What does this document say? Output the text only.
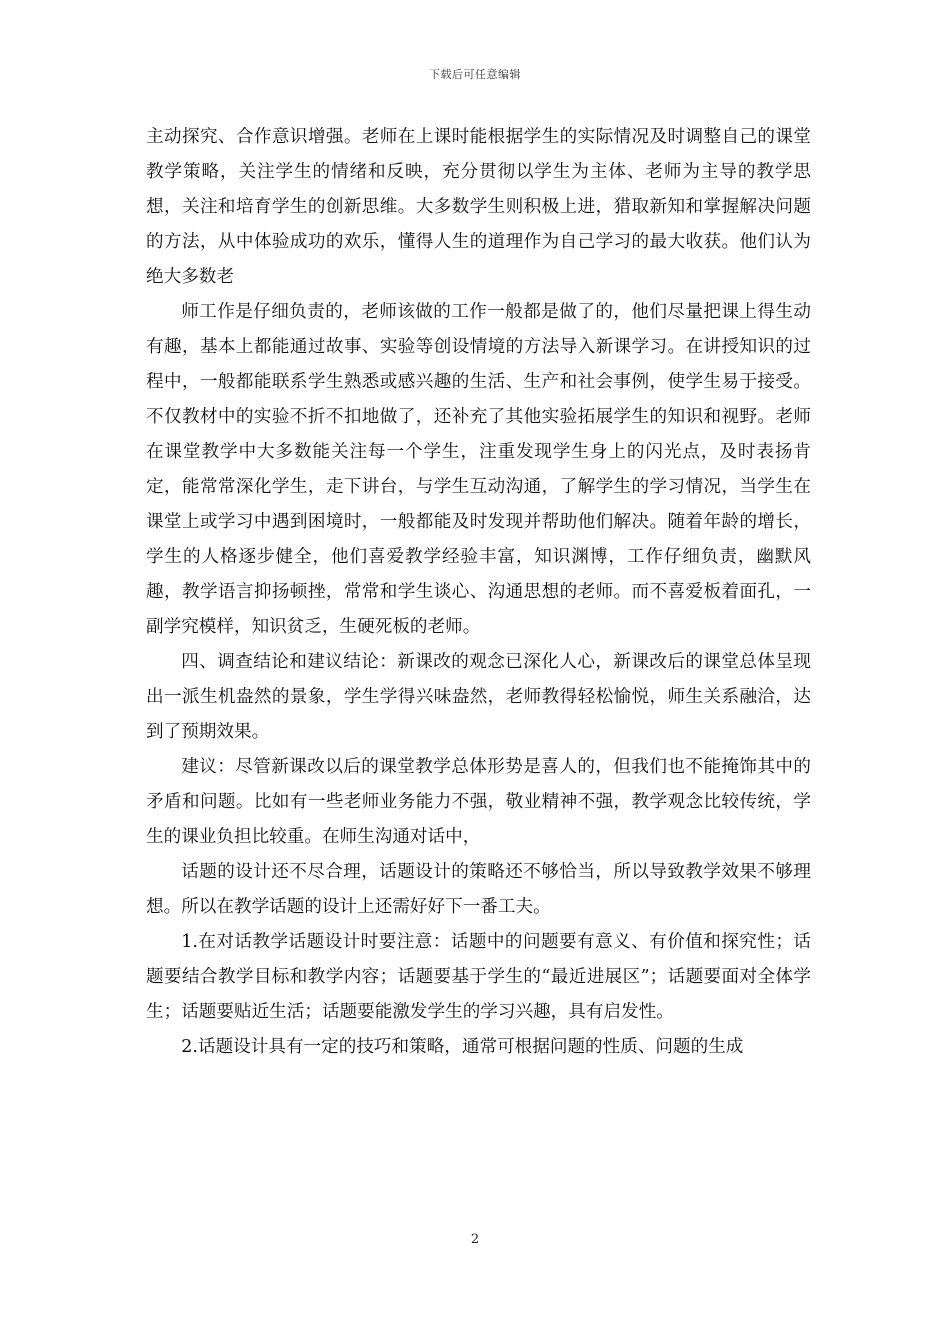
下载后可任意编辑

主动探究、合作意识增强。老师在上课时能根据学生的实际情况及时调整自己的课堂教学策略，关注学生的情绪和反映，充分贯彻以学生为主体、老师为主导的教学思想，关注和培育学生的创新思维。大多数学生则积极上进，猎取新知和掌握解决问题的方法，从中体验成功的欢乐，懂得人生的道理作为自己学习的最大收获。他们认为绝大多数老

师工作是仔细负责的，老师该做的工作一般都是做了的，他们尽量把课上得生动有趣，基本上都能通过故事、实验等创设情境的方法导入新课学习。在讲授知识的过程中，一般都能联系学生熟悉或感兴趣的生活、生产和社会事例，使学生易于接受。不仅教材中的实验不折不扣地做了，还补充了其他实验拓展学生的知识和视野。老师在课堂教学中大多数能关注每一个学生，注重发现学生身上的闪光点，及时表扬肯定，能常常深化学生，走下讲台，与学生互动沟通，了解学生的学习情况，当学生在课堂上或学习中遇到困境时，一般都能及时发现并帮助他们解决。随着年龄的增长，学生的人格逐步健全，他们喜爱教学经验丰富，知识渊博，工作仔细负责，幽默风趣，教学语言抑扬顿挫，常常和学生谈心、沟通思想的老师。而不喜爱板着面孔，一副学究模样，知识贫乏，生硬死板的老师。

四、调查结论和建议结论：新课改的观念已深化人心，新课改后的课堂总体呈现出一派生机盎然的景象，学生学得兴味盎然，老师教得轻松愉悦，师生关系融洽，达到了预期效果。

建议：尽管新课改以后的课堂教学总体形势是喜人的，但我们也不能掩饰其中的矛盾和问题。比如有一些老师业务能力不强，敬业精神不强，教学观念比较传统，学生的课业负担比较重。在师生沟通对话中，

话题的设计还不尽合理，话题设计的策略还不够恰当，所以导致教学效果不够理想。所以在教学话题的设计上还需好好下一番工夫。

1.在对话教学话题设计时要注意：话题中的问题要有意义、有价值和探究性；话题要结合教学目标和教学内容；话题要基于学生的“最近进展区”；话题要面对全体学生；话题要贴近生活；话题要能激发学生的学习兴趣，具有启发性。

2.话题设计具有一定的技巧和策略，通常可根据问题的性质、问题的生成

2
